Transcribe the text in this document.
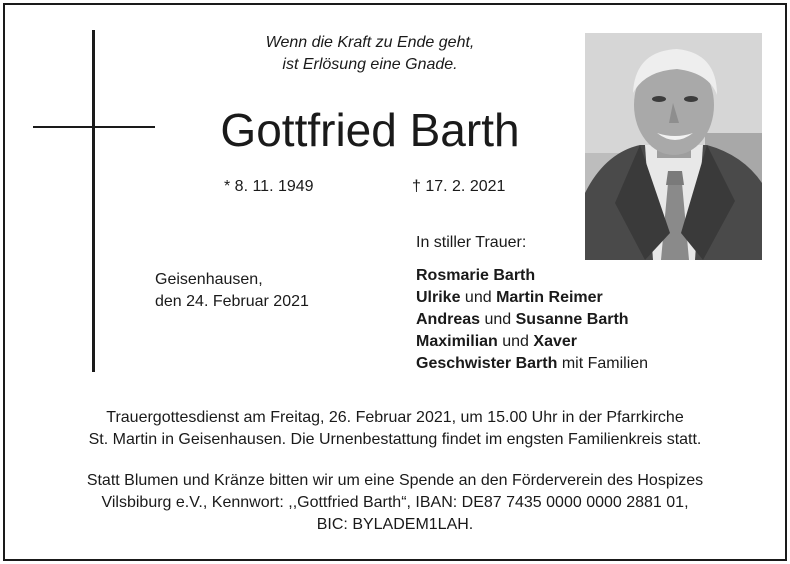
Wenn die Kraft zu Ende geht,
ist Erlösung eine Gnade.
Gottfried Barth
* 8. 11. 1949	† 17. 2. 2021
Geisenhausen,
den 24. Februar 2021
In stiller Trauer:
Rosmarie Barth
Ulrike und Martin Reimer
Andreas und Susanne Barth
Maximilian und Xaver
Geschwister Barth mit Familien
Trauergottesdienst am Freitag, 26. Februar 2021, um 15.00 Uhr in der Pfarrkirche
St. Martin in Geisenhausen. Die Urnenbestattung findet im engsten Familienkreis statt.
Statt Blumen und Kränze bitten wir um eine Spende an den Förderverein des Hospizes
Vilsbiburg e.V., Kennwort: ,,Gottfried Barth“, IBAN: DE87 7435 0000 0000 2881 01,
BIC: BYLADEM1LAH.
